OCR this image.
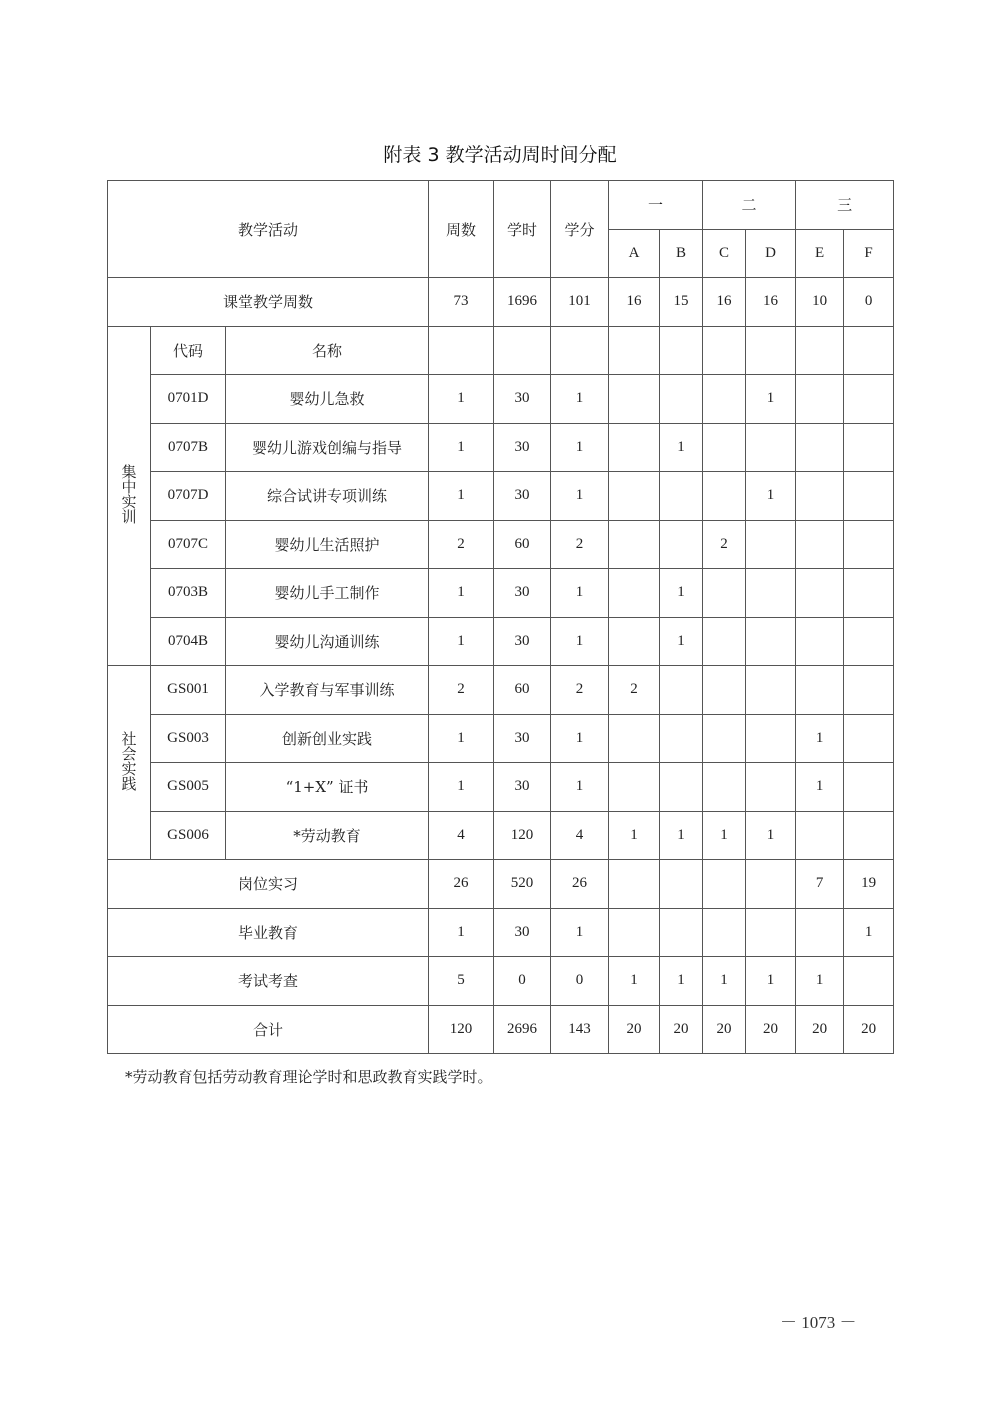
附表 3 教学活动周时间分配
教学活动			周数	学时	学分	一		二		三	
						A	B	C	D	E	F
课堂教学周数			73	1696	101	16	15	16	16	10	0
集中实训	代码	名称									
	0701D	婴幼儿急救	1	30	1				1		
	0707B	婴幼儿游戏创编与指导	1	30	1		1				
	0707D	综合试讲专项训练	1	30	1				1		
	0707C	婴幼儿生活照护	2	60	2			2			
	0703B	婴幼儿手工制作	1	30	1		1				
	0704B	婴幼儿沟通训练	1	30	1		1				
社会实践	GS001	入学教育与军事训练	2	60	2	2					
	GS003	创新创业实践	1	30	1					1	
	GS005	“1+X” 证书	1	30	1					1	
	GS006	*劳动教育	4	120	4	1	1	1	1		
岗位实习			26	520	26					7	19
毕业教育			1	30	1						1
考试考查			5	0	0	1	1	1	1	1	
合计			120	2696	143	20	20	20	20	20	20
*劳动教育包括劳动教育理论学时和思政教育实践学时。
－ 1073 －
